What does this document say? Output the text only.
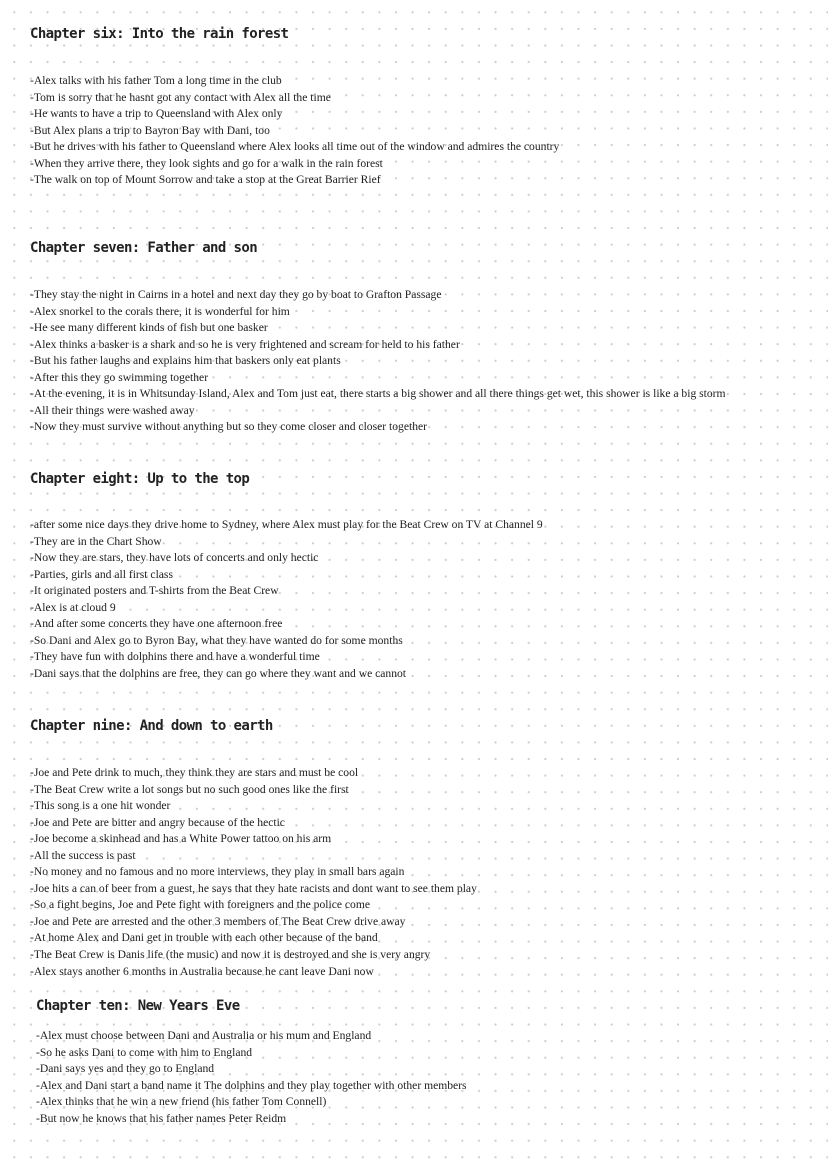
Chapter six: Into the rain forest
-Alex talks with his father Tom a long time in the club
-Tom is sorry that he hasnt got any contact with Alex all the time
-He wants to have a trip to Queensland with Alex only
-But Alex plans a trip to Bayron Bay with Dani, too
-But he drives with his father to Queensland where Alex looks all time out of the window and admires the country
-When they arrive there, they look sights and go for a walk in the rain forest
-The walk on top of Mount Sorrow and take a stop at the Great Barrier Rief
Chapter seven: Father and son
-They stay the night in Cairns in a hotel and next day they go by boat to Grafton Passage
-Alex snorkel to the corals there, it is wonderful for him
-He see many different kinds of fish but one basker
-Alex thinks a basker is a shark and so he is very frightened and scream for held to his father
-But his father laughs and explains him that baskers only eat plants
-After this they go swimming together
-At the evening, it is in Whitsunday Island, Alex and Tom just eat, there starts a big shower and all there things get wet, this shower is like a big storm
-All their things were washed away
-Now they must survive without anything but so they come closer and closer together
Chapter eight: Up to the top
-after some nice days they drive home to Sydney, where Alex must play for the Beat Crew on TV at Channel 9
-They are in the Chart Show
-Now they are stars, they have lots of concerts and only hectic
-Parties, girls and all first class
-It originated posters and T-shirts from the Beat Crew
-Alex is at cloud 9
-And after some concerts they have one afternoon free
-So Dani and Alex go to Byron Bay, what they have wanted do for some months
-They have fun with dolphins there and have a wonderful time
-Dani says that the dolphins are free, they can go where they want and we cannot
Chapter nine: And down to earth
-Joe and Pete drink to much, they think they are stars and must be cool
-The Beat Crew write a lot songs but no such good ones like the first
-This song is a one hit wonder
-Joe and Pete are bitter and angry because of the hectic
-Joe become a skinhead and has a White Power tattoo on his arm
-All the success is past
-No money and no famous and no more interviews, they play in small bars again
-Joe hits a can of beer from a guest, he says that they hate racists and dont want to see them play
-So a fight begins, Joe and Pete fight with foreigners and the police come
-Joe and Pete are arrested and the other 3 members of The Beat Crew drive away
-At home Alex and Dani get in trouble with each other because of the band
-The Beat Crew is Danis life (the music) and now it is destroyed and she is very angry
-Alex stays another 6 months in Australia because he cant leave Dani now
Chapter ten: New Years Eve
-Alex must choose between Dani and Australia or his mum and England
-So he asks Dani to come with him to England
-Dani says yes and they go to England
-Alex and Dani start a band name it The dolphins and they play together with other members
-Alex thinks that he win a new friend (his father Tom Connell)
-But now he knows that his father names Peter Reidm
